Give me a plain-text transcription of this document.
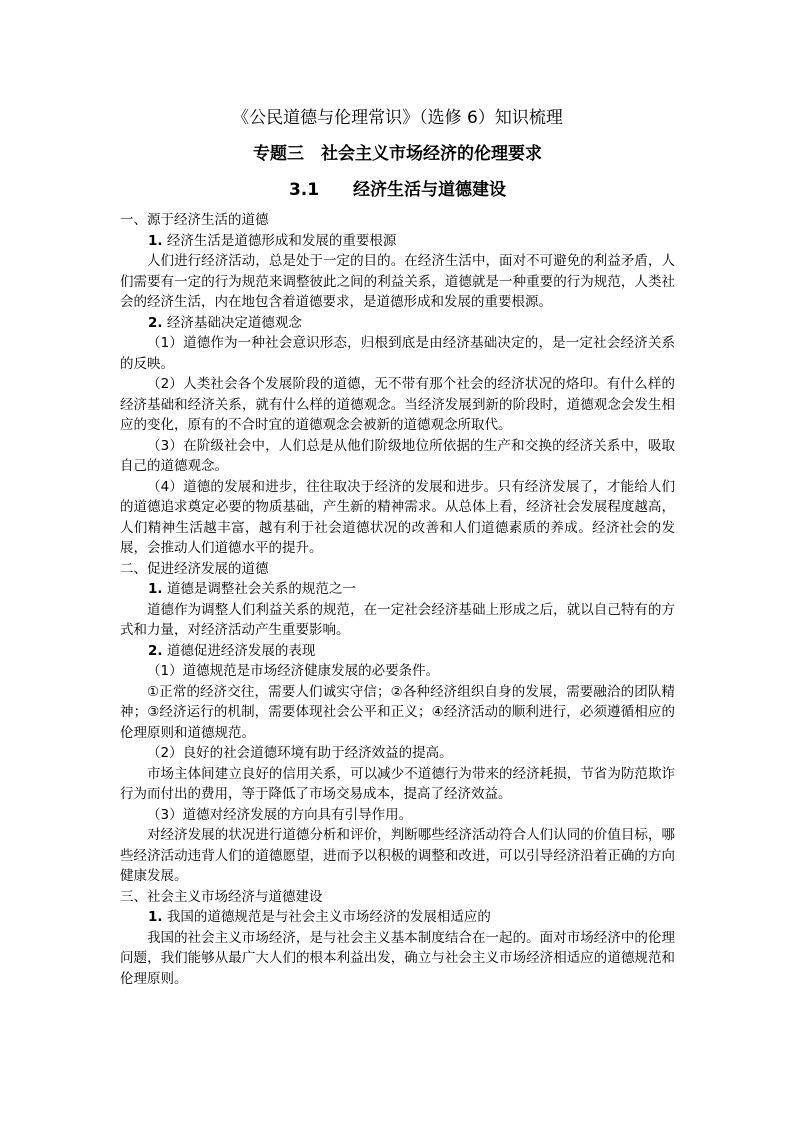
《公民道德与伦理常识》（选修 6）知识梳理
专题三　社会主义市场经济的伦理要求
3.1　　经济生活与道德建设
一、源于经济生活的道德
1. 经济生活是道德形成和发展的重要根源
人们进行经济活动，总是处于一定的目的。在经济生活中，面对不可避免的利益矛盾，人们需要有一定的行为规范来调整彼此之间的利益关系，道德就是一种重要的行为规范，人类社会的经济生活，内在地包含着道德要求，是道德形成和发展的重要根源。
2. 经济基础决定道德观念
（1）道德作为一种社会意识形态，归根到底是由经济基础决定的，是一定社会经济关系的反映。
（2）人类社会各个发展阶段的道德，无不带有那个社会的经济状况的烙印。有什么样的经济基础和经济关系，就有什么样的道德观念。当经济发展到新的阶段时，道德观念会发生相应的变化，原有的不合时宜的道德观念会被新的道德观念所取代。
（3）在阶级社会中，人们总是从他们阶级地位所依据的生产和交换的经济关系中，吸取自己的道德观念。
（4）道德的发展和进步，往往取决于经济的发展和进步。只有经济发展了，才能给人们的道德追求奠定必要的物质基础，产生新的精神需求。从总体上看，经济社会发展程度越高，人们精神生活越丰富，越有利于社会道德状况的改善和人们道德素质的养成。经济社会的发展，会推动人们道德水平的提升。
二、促进经济发展的道德
1. 道德是调整社会关系的规范之一
道德作为调整人们利益关系的规范，在一定社会经济基础上形成之后，就以自己特有的方式和力量，对经济活动产生重要影响。
2. 道德促进经济发展的表现
（1）道德规范是市场经济健康发展的必要条件。
①正常的经济交往，需要人们诚实守信；②各种经济组织自身的发展，需要融洽的团队精神；③经济运行的机制，需要体现社会公平和正义；④经济活动的顺利进行，必须遵循相应的伦理原则和道德规范。
（2）良好的社会道德环境有助于经济效益的提高。
市场主体间建立良好的信用关系，可以减少不道德行为带来的经济耗损，节省为防范欺诈行为而付出的费用，等于降低了市场交易成本，提高了经济效益。
（3）道德对经济发展的方向具有引导作用。
对经济发展的状况进行道德分析和评价，判断哪些经济活动符合人们认同的价值目标，哪些经济活动违背人们的道德愿望，进而予以积极的调整和改进，可以引导经济沿着正确的方向健康发展。
三、社会主义市场经济与道德建设
1. 我国的道德规范是与社会主义市场经济的发展相适应的
我国的社会主义市场经济，是与社会主义基本制度结合在一起的。面对市场经济中的伦理问题，我们能够从最广大人们的根本利益出发，确立与社会主义市场经济相适应的道德规范和伦理原则。
